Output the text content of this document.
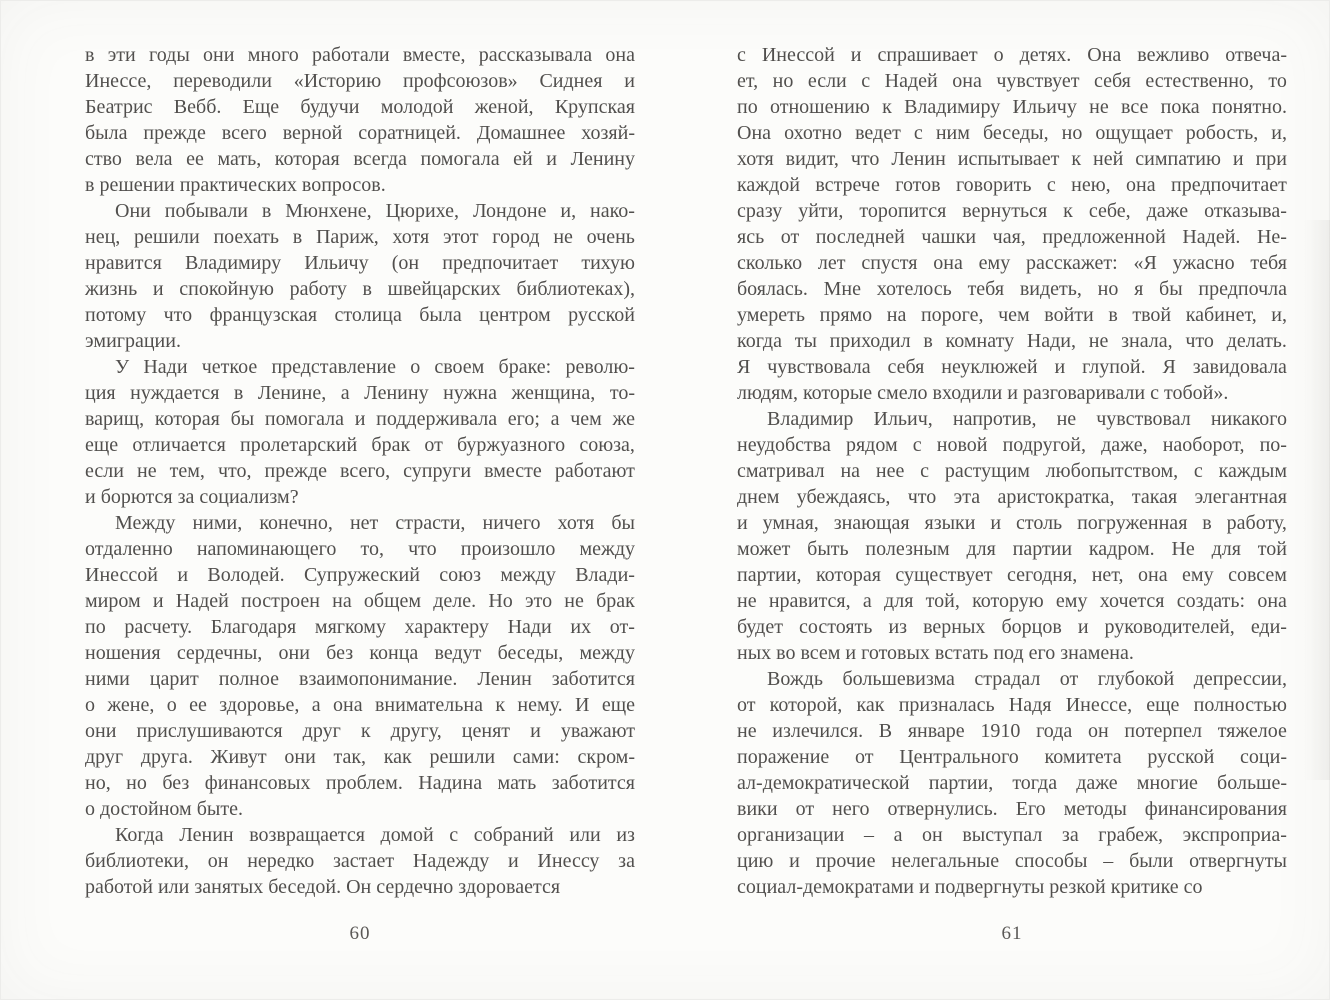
в эти годы они много работали вместе, рассказывала она
Инессе, переводили «Историю профсоюзов» Сиднея и
Беатрис Вебб. Еще будучи молодой женой, Крупская
была прежде всего верной соратницей. Домашнее хозяй-
ство вела ее мать, которая всегда помогала ей и Ленину
в решении практических вопросов.
Они побывали в Мюнхене, Цюрихе, Лондоне и, нако-
нец, решили поехать в Париж, хотя этот город не очень
нравится Владимиру Ильичу (он предпочитает тихую
жизнь и спокойную работу в швейцарских библиотеках),
потому что французская столица была центром русской
эмиграции.
У Нади четкое представление о своем браке: револю-
ция нуждается в Ленине, а Ленину нужна женщина, то-
варищ, которая бы помогала и поддерживала его; а чем же
еще отличается пролетарский брак от буржуазного союза,
если не тем, что, прежде всего, супруги вместе работают
и борются за социализм?
Между ними, конечно, нет страсти, ничего хотя бы
отдаленно напоминающего то, что произошло между
Инессой и Володей. Супружеский союз между Влади-
миром и Надей построен на общем деле. Но это не брак
по расчету. Благодаря мягкому характеру Нади их от-
ношения сердечны, они без конца ведут беседы, между
ними царит полное взаимопонимание. Ленин заботится
о жене, о ее здоровье, а она внимательна к нему. И еще
они прислушиваются друг к другу, ценят и уважают
друг друга. Живут они так, как решили сами: скром-
но, но без финансовых проблем. Надина мать заботится
о достойном быте.
Когда Ленин возвращается домой с собраний или из
библиотеки, он нередко застает Надежду и Инессу за
работой или занятых беседой. Он сердечно здоровается
60
с Инессой и спрашивает о детях. Она вежливо отвеча-
ет, но если с Надей она чувствует себя естественно, то
по отношению к Владимиру Ильичу не все пока понятно.
Она охотно ведет с ним беседы, но ощущает робость, и,
хотя видит, что Ленин испытывает к ней симпатию и при
каждой встрече готов говорить с нею, она предпочитает
сразу уйти, торопится вернуться к себе, даже отказыва-
ясь от последней чашки чая, предложенной Надей. Не-
сколько лет спустя она ему расскажет: «Я ужасно тебя
боялась. Мне хотелось тебя видеть, но я бы предпочла
умереть прямо на пороге, чем войти в твой кабинет, и,
когда ты приходил в комнату Нади, не знала, что делать.
Я чувствовала себя неуклюжей и глупой. Я завидовала
людям, которые смело входили и разговаривали с тобой».
Владимир Ильич, напротив, не чувствовал никакого
неудобства рядом с новой подругой, даже, наоборот, по-
сматривал на нее с растущим любопытством, с каждым
днем убеждаясь, что эта аристократка, такая элегантная
и умная, знающая языки и столь погруженная в работу,
может быть полезным для партии кадром. Не для той
партии, которая существует сегодня, нет, она ему совсем
не нравится, а для той, которую ему хочется создать: она
будет состоять из верных борцов и руководителей, еди-
ных во всем и готовых встать под его знамена.
Вождь большевизма страдал от глубокой депрессии,
от которой, как призналась Надя Инессе, еще полностью
не излечился. В январе 1910 года он потерпел тяжелое
поражение от Центрального комитета русской соци-
ал-демократической партии, тогда даже многие больше-
вики от него отвернулись. Его методы финансирования
организации – а он выступал за грабеж, экспроприа-
цию и прочие нелегальные способы – были отвергнуты
социал-демократами и подвергнуты резкой критике со
61
